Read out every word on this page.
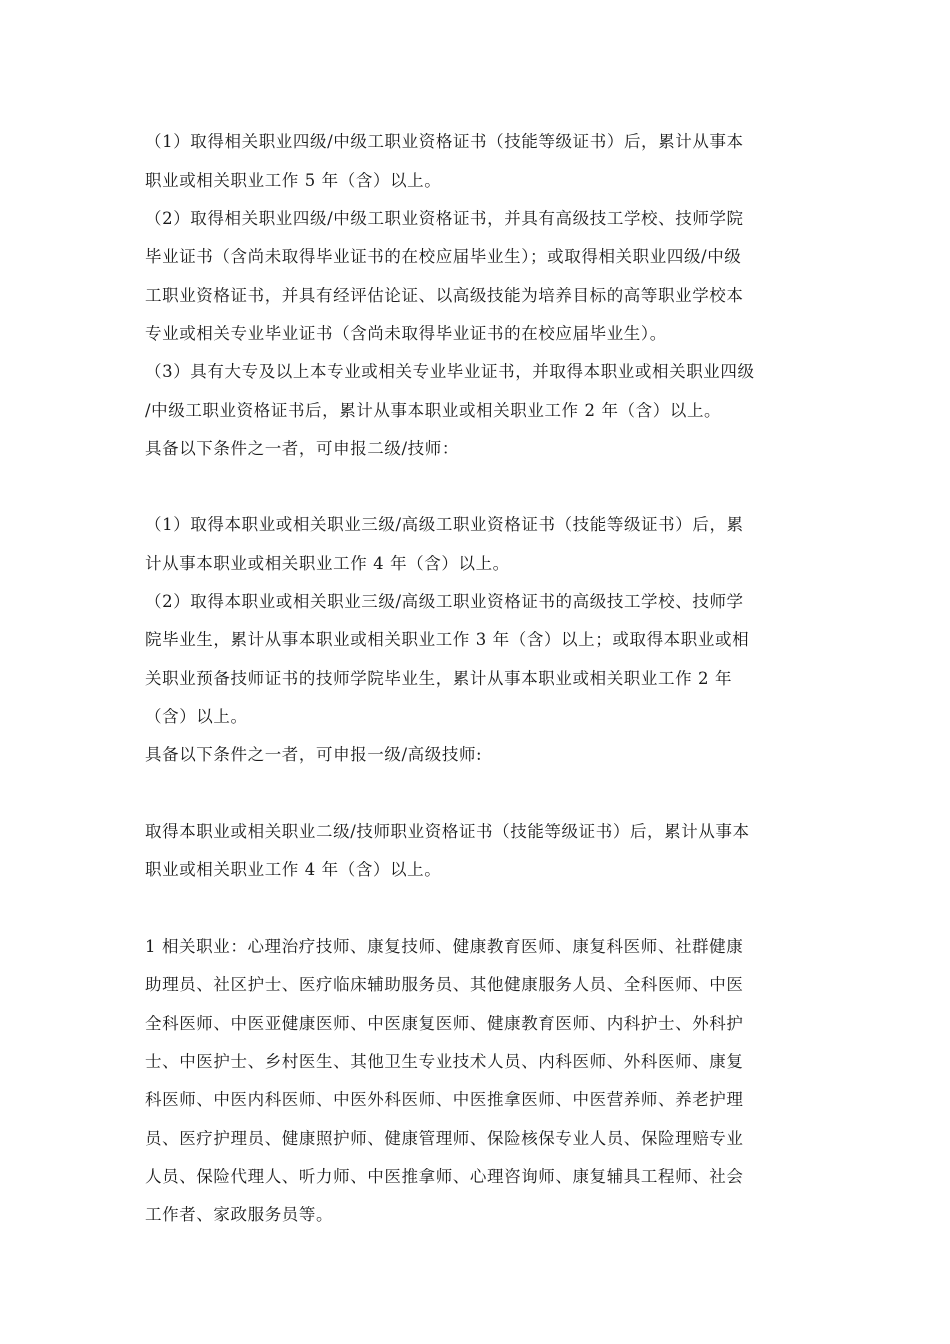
（1）取得相关职业四级/中级工职业资格证书（技能等级证书）后，累计从事本
职业或相关职业工作 5 年（含）以上。
（2）取得相关职业四级/中级工职业资格证书，并具有高级技工学校、技师学院
毕业证书（含尚未取得毕业证书的在校应届毕业生）；或取得相关职业四级/中级
工职业资格证书，并具有经评估论证、以高级技能为培养目标的高等职业学校本
专业或相关专业毕业证书（含尚未取得毕业证书的在校应届毕业生）。
（3）具有大专及以上本专业或相关专业毕业证书，并取得本职业或相关职业四级
/中级工职业资格证书后，累计从事本职业或相关职业工作 2 年（含）以上。
具备以下条件之一者，可申报二级/技师：
（1）取得本职业或相关职业三级/高级工职业资格证书（技能等级证书）后，累
计从事本职业或相关职业工作 4 年（含）以上。
（2）取得本职业或相关职业三级/高级工职业资格证书的高级技工学校、技师学
院毕业生，累计从事本职业或相关职业工作 3 年（含）以上；或取得本职业或相
关职业预备技师证书的技师学院毕业生，累计从事本职业或相关职业工作 2 年
（含）以上。
具备以下条件之一者，可申报一级/高级技师:
取得本职业或相关职业二级/技师职业资格证书（技能等级证书）后，累计从事本
职业或相关职业工作 4 年（含）以上。
1 相关职业：心理治疗技师、康复技师、健康教育医师、康复科医师、社群健康
助理员、社区护士、医疗临床辅助服务员、其他健康服务人员、全科医师、中医
全科医师、中医亚健康医师、中医康复医师、健康教育医师、内科护士、外科护
士、中医护士、乡村医生、其他卫生专业技术人员、内科医师、外科医师、康复
科医师、中医内科医师、中医外科医师、中医推拿医师、中医营养师、养老护理
员、医疗护理员、健康照护师、健康管理师、保险核保专业人员、保险理赔专业
人员、保险代理人、听力师、中医推拿师、心理咨询师、康复辅具工程师、社会
工作者、家政服务员等。
